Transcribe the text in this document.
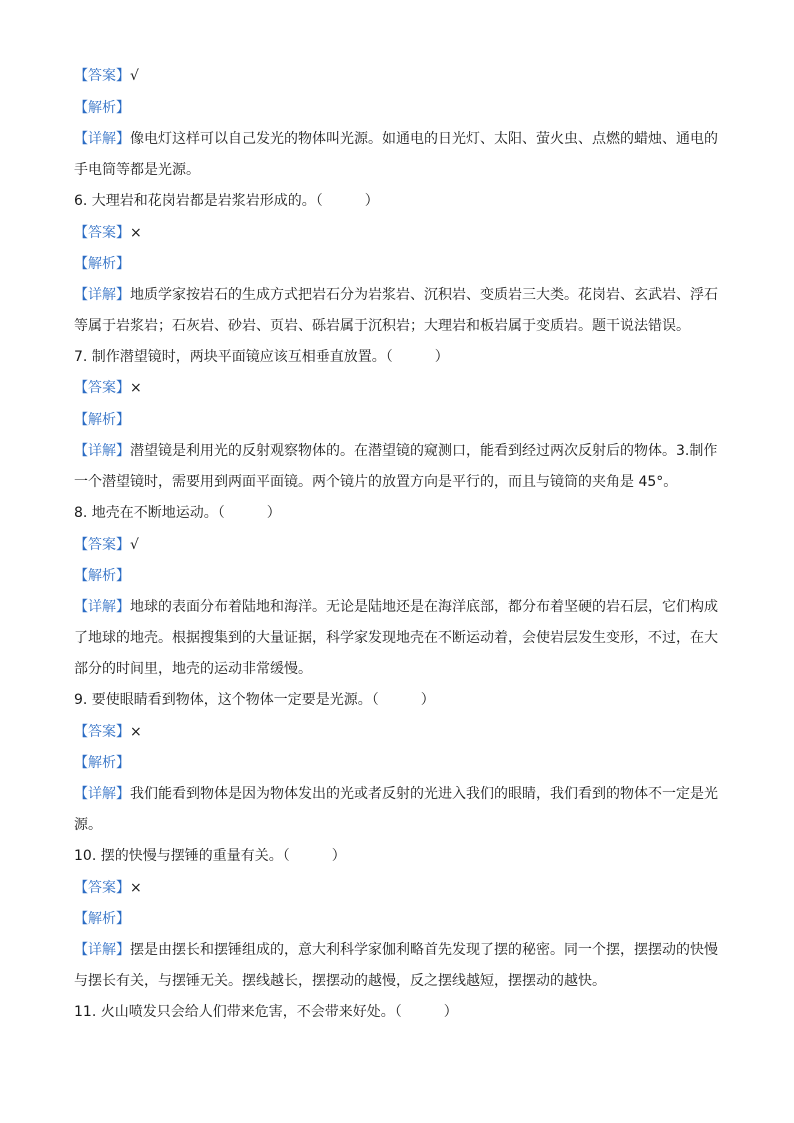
【答案】√
【解析】
【详解】像电灯这样可以自己发光的物体叫光源。如通电的日光灯、太阳、萤火虫、点燃的蜡烛、通电的手电筒等都是光源。
6. 大理岩和花岗岩都是岩浆岩形成的。（　　　）
【答案】×
【解析】
【详解】地质学家按岩石的生成方式把岩石分为岩浆岩、沉积岩、变质岩三大类。花岗岩、玄武岩、浮石等属于岩浆岩；石灰岩、砂岩、页岩、砾岩属于沉积岩；大理岩和板岩属于变质岩。题干说法错误。
7. 制作潜望镜时，两块平面镜应该互相垂直放置。（　　　）
【答案】×
【解析】
【详解】潜望镜是利用光的反射观察物体的。在潜望镜的窥测口，能看到经过两次反射后的物体。3.制作一个潜望镜时，需要用到两面平面镜。两个镜片的放置方向是平行的，而且与镜筒的夹角是 45°。
8. 地壳在不断地运动。（　　　）
【答案】√
【解析】
【详解】地球的表面分布着陆地和海洋。无论是陆地还是在海洋底部，都分布着坚硬的岩石层，它们构成了地球的地壳。根据搜集到的大量证据，科学家发现地壳在不断运动着，会使岩层发生变形，不过，在大部分的时间里，地壳的运动非常缓慢。
9. 要使眼睛看到物体，这个物体一定要是光源。（　　　）
【答案】×
【解析】
【详解】我们能看到物体是因为物体发出的光或者反射的光进入我们的眼睛，我们看到的物体不一定是光源。
10. 摆的快慢与摆锤的重量有关。（　　　）
【答案】×
【解析】
【详解】摆是由摆长和摆锤组成的，意大利科学家伽利略首先发现了摆的秘密。同一个摆，摆摆动的快慢与摆长有关，与摆锤无关。摆线越长，摆摆动的越慢，反之摆线越短，摆摆动的越快。
11. 火山喷发只会给人们带来危害，不会带来好处。（　　　）
